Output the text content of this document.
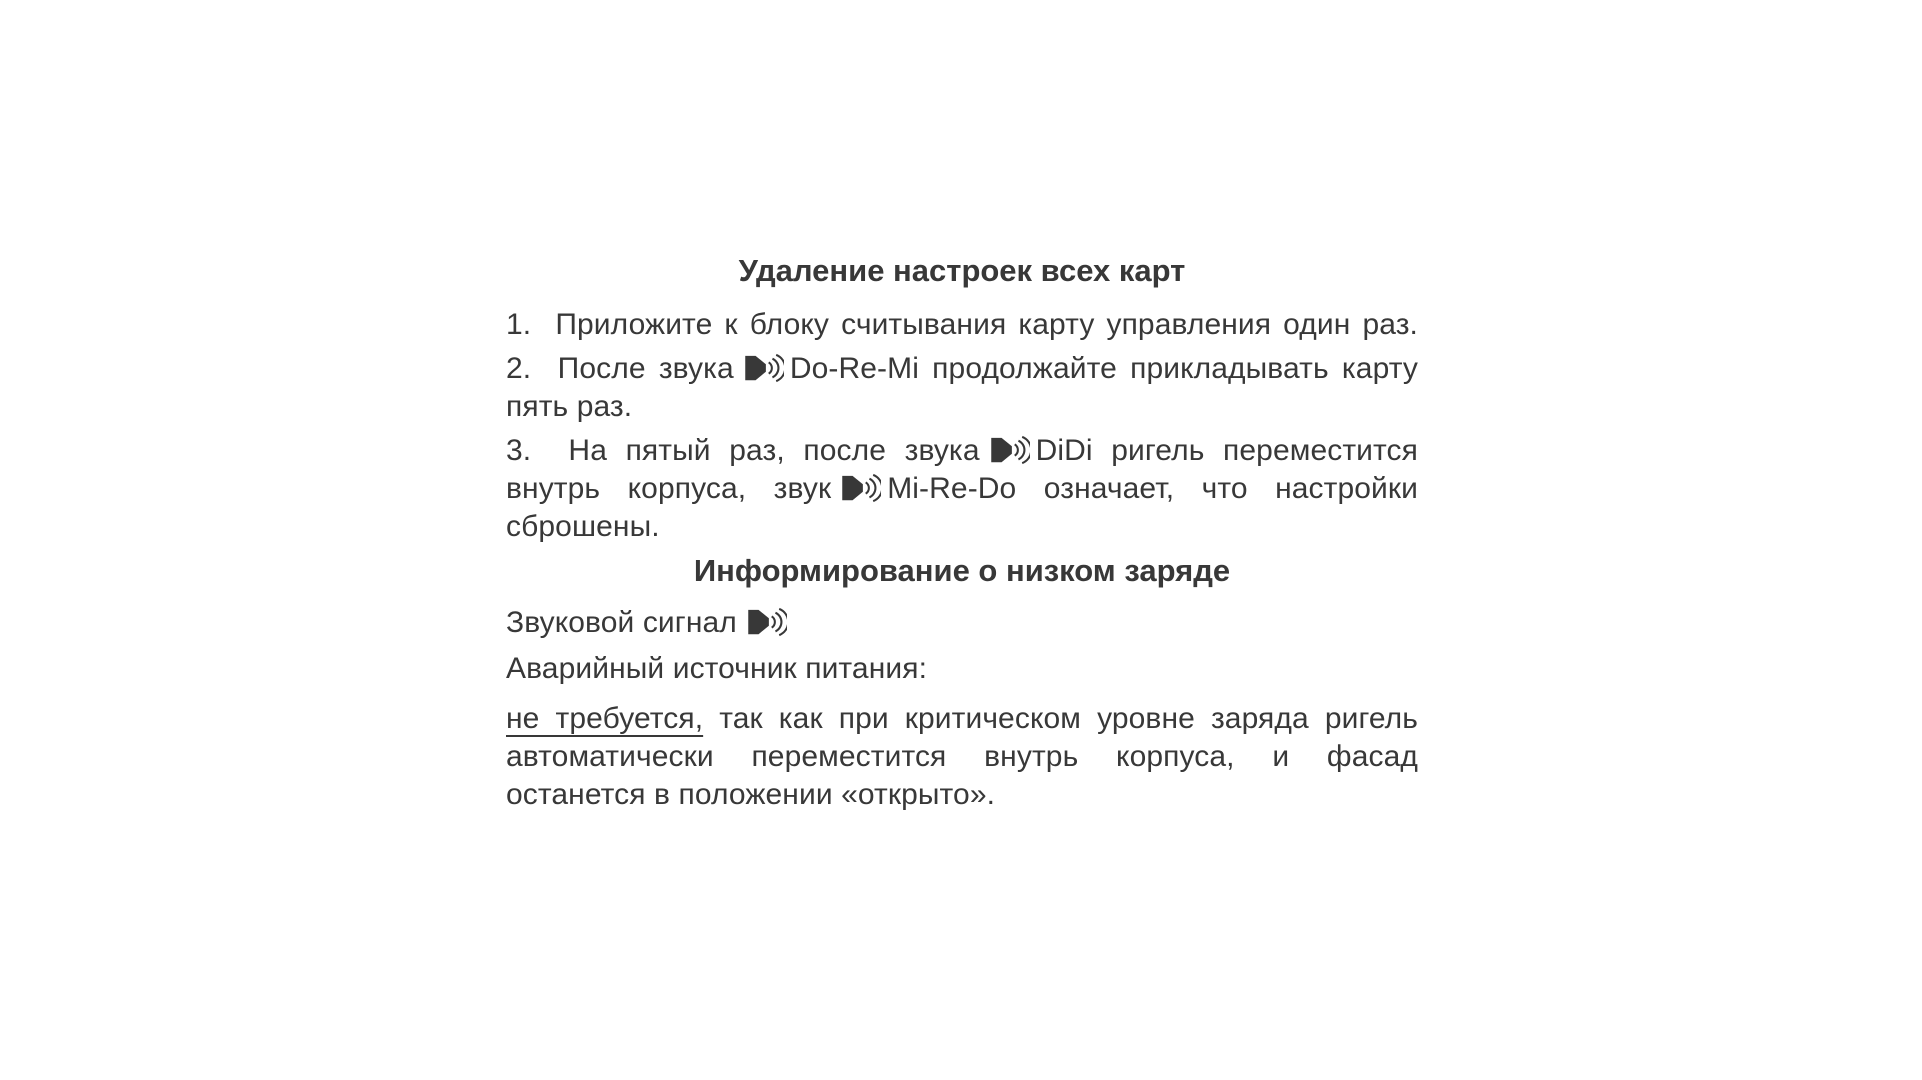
Удаление настроек всех карт
1.  Приложите к блоку считывания карту управления один раз.
2.  После звука Do-Re-Mi продолжайте прикладывать карту
пять раз.
3.  На пятый раз, после звука DiDi ригель переместится
внутрь корпуса, звук Mi-Re-Do означает, что настройки
сброшены.
Информирование о низком заряде
Звуковой сигнал
Аварийный источник питания:
не требуется, так как при критическом уровне заряда ригель
автоматически переместится внутрь корпуса, и фасад
останется в положении «открыто».
